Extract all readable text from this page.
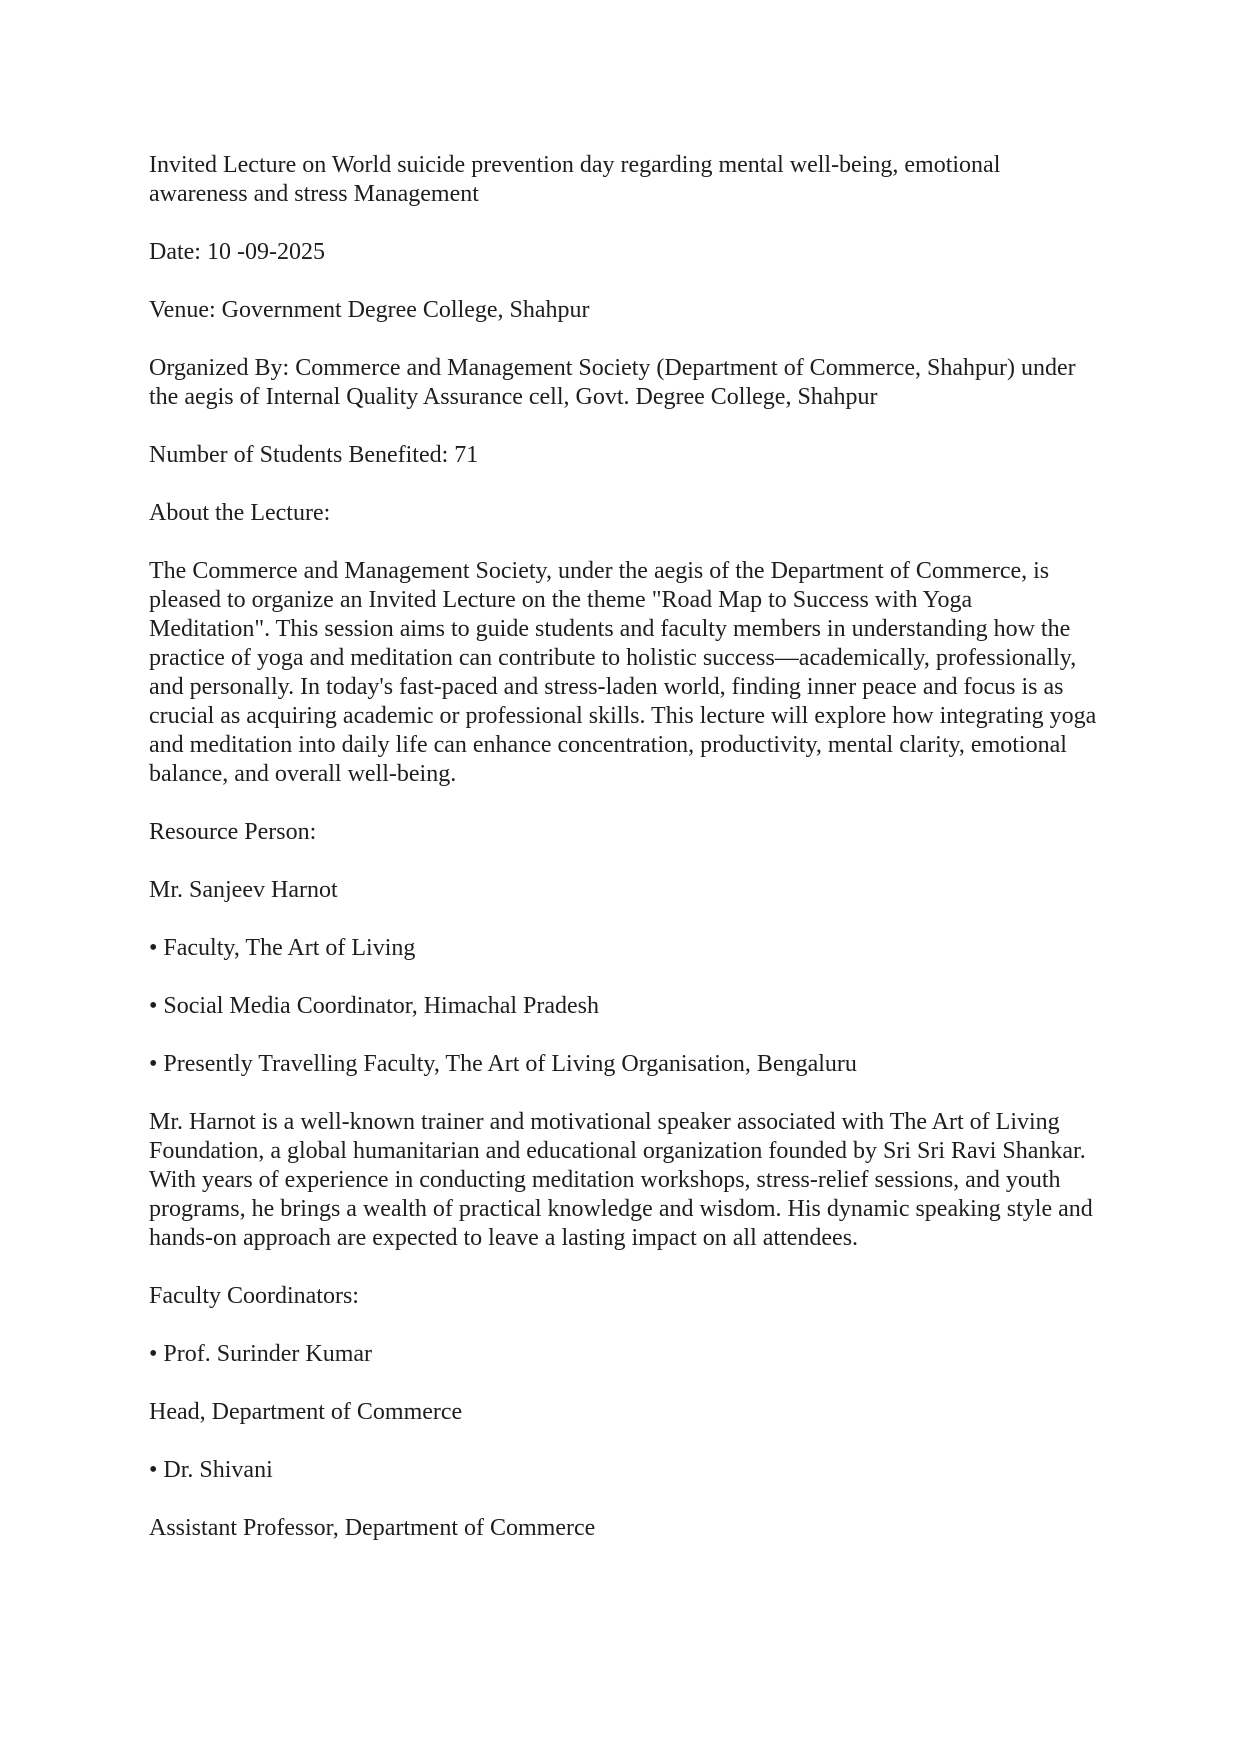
Invited Lecture on World suicide prevention day regarding mental well-being, emotional awareness and stress Management

Date: 10 -09-2025

Venue: Government Degree College, Shahpur

Organized By: Commerce and Management Society (Department of Commerce, Shahpur) under the aegis of Internal Quality Assurance cell, Govt. Degree College, Shahpur

Number of Students Benefited: 71

About the Lecture:

The Commerce and Management Society, under the aegis of the Department of Commerce, is pleased to organize an Invited Lecture on the theme "Road Map to Success with Yoga Meditation". This session aims to guide students and faculty members in understanding how the practice of yoga and meditation can contribute to holistic success—academically, professionally, and personally. In today's fast-paced and stress-laden world, finding inner peace and focus is as crucial as acquiring academic or professional skills. This lecture will explore how integrating yoga and meditation into daily life can enhance concentration, productivity, mental clarity, emotional balance, and overall well-being.

Resource Person:

Mr. Sanjeev Harnot

• Faculty, The Art of Living

• Social Media Coordinator, Himachal Pradesh

• Presently Travelling Faculty, The Art of Living Organisation, Bengaluru

Mr. Harnot is a well-known trainer and motivational speaker associated with The Art of Living Foundation, a global humanitarian and educational organization founded by Sri Sri Ravi Shankar. With years of experience in conducting meditation workshops, stress-relief sessions, and youth programs, he brings a wealth of practical knowledge and wisdom. His dynamic speaking style and hands-on approach are expected to leave a lasting impact on all attendees.

Faculty Coordinators:

• Prof. Surinder Kumar

Head, Department of Commerce

• Dr. Shivani

Assistant Professor, Department of Commerce
